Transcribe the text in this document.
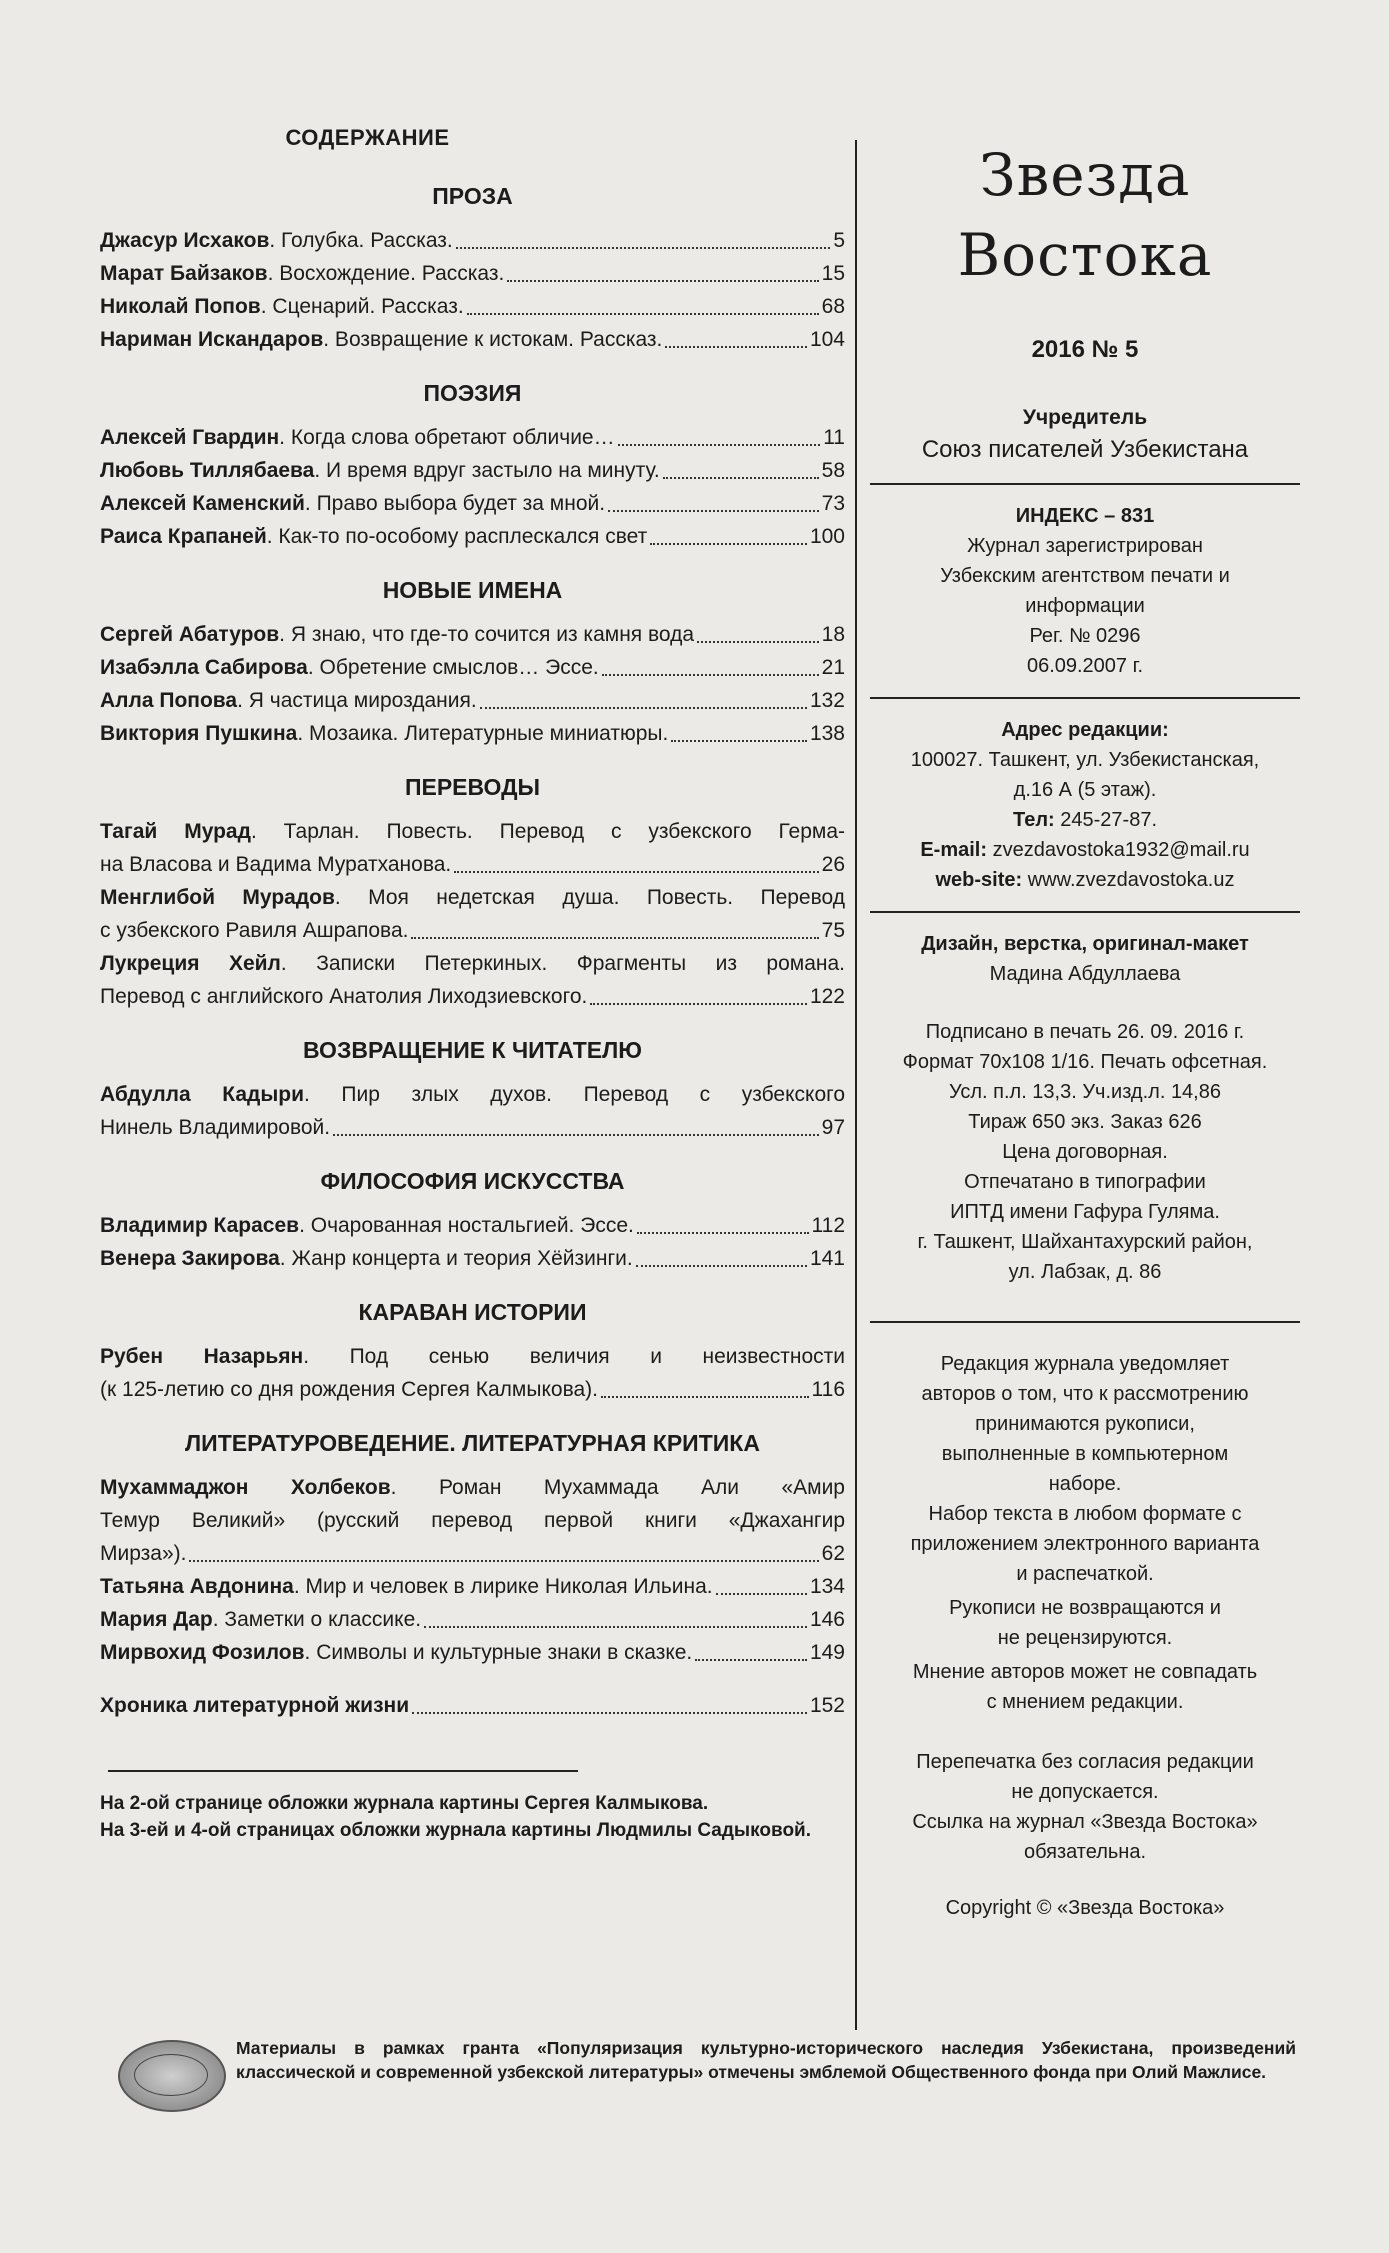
СОДЕРЖАНИЕ
ПРОЗА
Джасур Исхаков. Голубка. Рассказ.	5
Марат Байзаков. Восхождение. Рассказ.	15
Николай Попов. Сценарий. Рассказ.	68
Нариман Искандаров. Возвращение к истокам. Рассказ.	104
ПОЭЗИЯ
Алексей Гвардин. Когда слова обретают обличие…	11
Любовь Тиллябаева. И время вдруг застыло на минуту.	58
Алексей Каменский. Право выбора будет за мной.	73
Раиса Крапаней. Как-то по-особому расплескался свет	100
НОВЫЕ ИМЕНА
Сергей Абатуров. Я знаю, что где-то сочится из камня вода	18
Изабэлла Сабирова. Обретение смыслов… Эссе.	21
Алла Попова. Я частица мироздания.	132
Виктория Пушкина. Мозаика. Литературные миниатюры.	138
ПЕРЕВОДЫ
Тагай Мурад. Тарлан. Повесть. Перевод с узбекского Герма-
на Власова и Вадима Муратханова.	26
Менглибой Мурадов. Моя недетская душа. Повесть. Перевод
с узбекского Равиля Ашрапова.	75
Лукреция Хейл. Записки Петеркиных. Фрагменты из романа.
Перевод с английского Анатолия Лиходзиевского.	122
ВОЗВРАЩЕНИЕ К ЧИТАТЕЛЮ
Абдулла Кадыри. Пир злых духов. Перевод с узбекского
Нинель Владимировой.	97
ФИЛОСОФИЯ ИСКУССТВА
Владимир Карасев. Очарованная ностальгией. Эссе.	112
Венера Закирова. Жанр концерта и теория Хёйзинги.	141
КАРАВАН ИСТОРИИ
Рубен Назарьян. Под сенью величия и неизвестности
(к 125-летию со дня рождения Сергея Калмыкова).	116
ЛИТЕРАТУРОВЕДЕНИЕ. ЛИТЕРАТУРНАЯ КРИТИКА
Мухаммаджон Холбеков. Роман Мухаммада Али «Амир
Темур Великий» (русский перевод первой книги «Джахангир
Мирза»).	62
Татьяна Авдонина. Мир и человек в лирике Николая Ильина.	134
Мария Дар. Заметки о классике.	146
Мирвохид Фозилов. Символы и культурные знаки в сказке.	149
Хроника литературной жизни	152
На 2-ой странице обложки журнала картины Сергея Калмыкова.
На 3-ей и 4-ой страницах обложки журнала картины Людмилы Садыковой.
Звезда Востока
2016 № 5
Учредитель
Союз писателей Узбекистана
ИНДЕКС – 831
Журнал зарегистрирован
Узбекским агентством печати и
информации
Рег. № 0296
06.09.2007 г.
Адрес редакции:
100027. Ташкент, ул. Узбекистанская,
д.16 А (5 этаж).
Тел: 245-27-87.
E-mail: zvezdavostoka1932@mail.ru
web-site: www.zvezdavostoka.uz
Дизайн, верстка, оригинал-макет
Мадина Абдуллаева
Подписано в печать 26. 09. 2016 г.
Формат 70x108 1/16. Печать офсетная.
Усл. п.л. 13,3. Уч.изд.л. 14,86
Тираж 650 экз. Заказ 626
Цена договорная.
Отпечатано в типографии
ИПТД имени Гафура Гуляма.
г. Ташкент, Шайхантахурский район,
ул. Лабзак, д. 86
Редакция журнала уведомляет
авторов о том, что к рассмотрению
принимаются рукописи,
выполненные в компьютерном
наборе.
Набор текста в любом формате с
приложением электронного варианта
и распечаткой.
Рукописи не возвращаются и
не рецензируются.
Мнение авторов может не совпадать
с мнением редакции.
Перепечатка без согласия редакции
не допускается.
Ссылка на журнал «Звезда Востока»
обязательна.
Copyright © «Звезда Востока»
Материалы в рамках гранта «Популяризация культурно-исторического наследия Узбекистана, произведений классической и современной узбекской литературы» отмечены эмблемой Общественного фонда при Олий Мажлисе.
